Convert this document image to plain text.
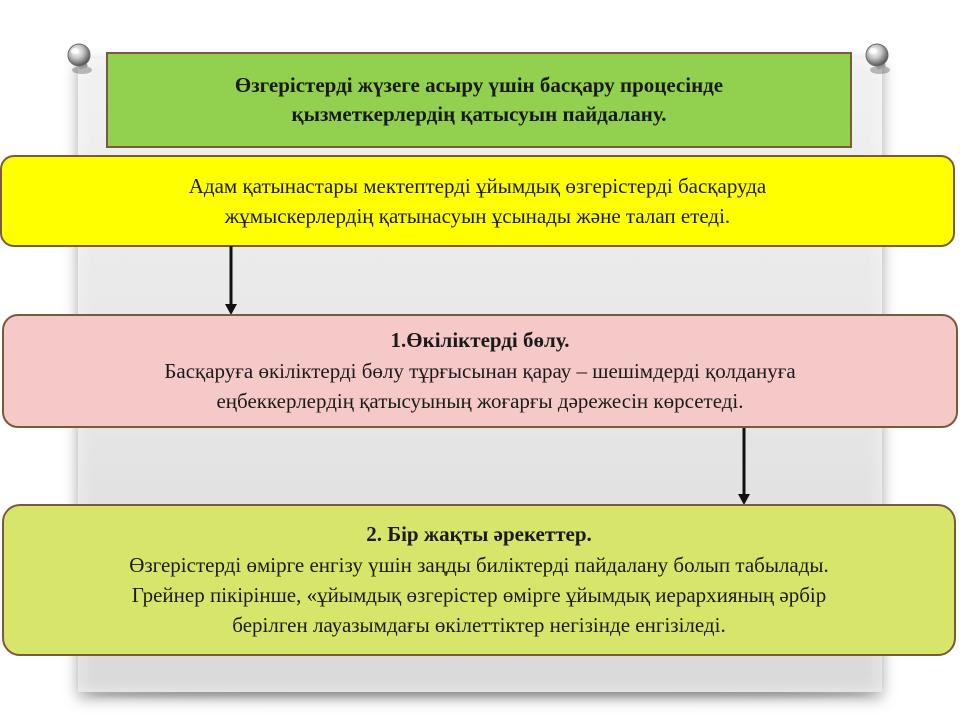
Өзгерістерді жүзеге асыру үшін басқару процесінде
қызметкерлердің қатысуын пайдалану.
Адам қатынастары мектептерді ұйымдық өзгерістерді басқаруда
жұмыскерлердің қатынасуын ұсынады және талап етеді.
1.Өкіліктерді бөлу.
Басқаруға өкіліктерді бөлу тұрғысынан қарау – шешімдерді қолдануға
еңбеккерлердің қатысуының жоғарғы дәрежесін көрсетеді.
2. Бір жақты әрекеттер.
Өзгерістерді өмірге енгізу үшін заңды биліктерді пайдалану болып табылады.
Грейнер пікірінше, «ұйымдық өзгерістер өмірге ұйымдық иерархияның әрбір
берілген лауазымдағы өкілеттіктер негізінде енгізіледі.
